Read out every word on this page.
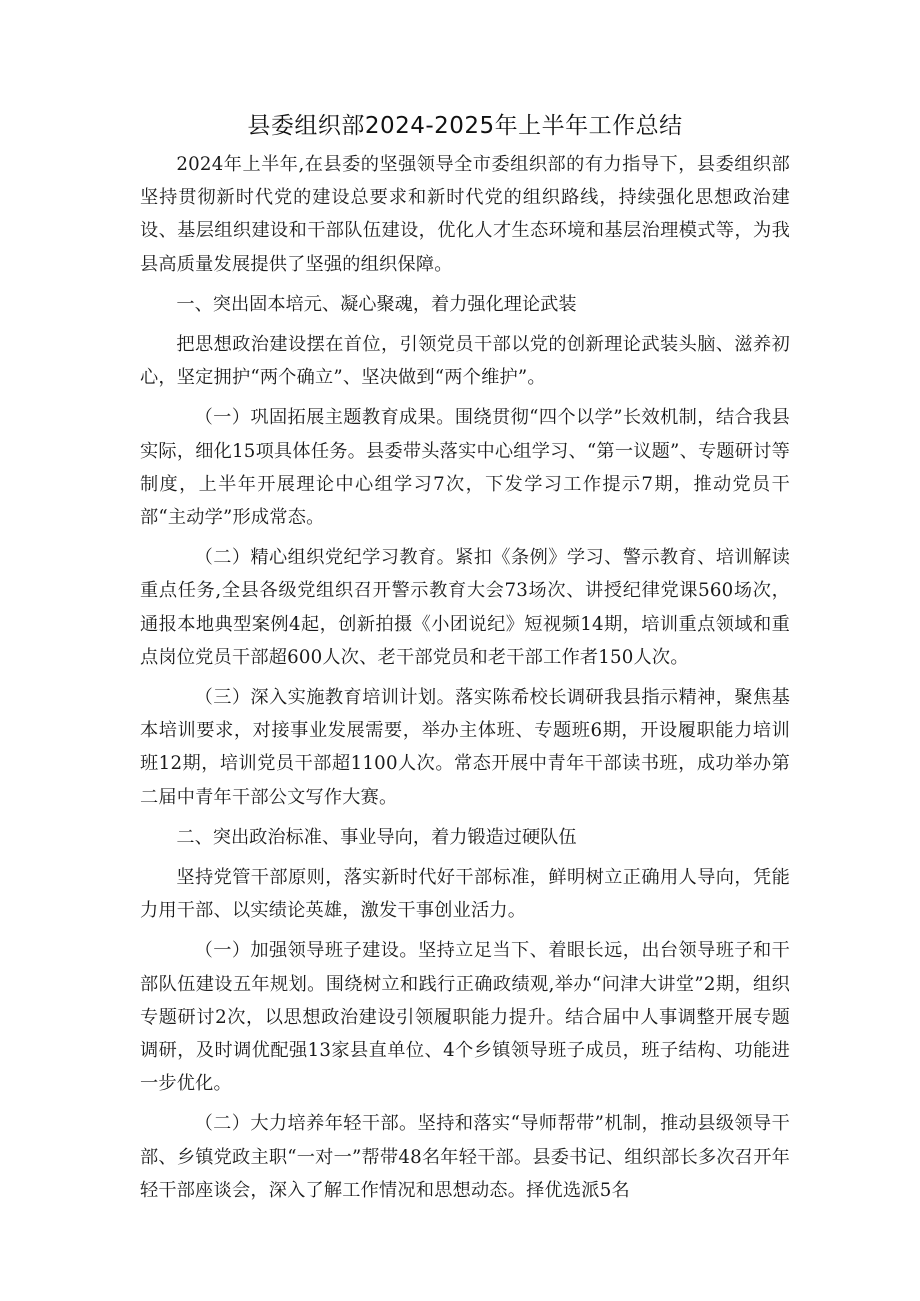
县委组织部2024-2025年上半年工作总结

2024年上半年,在县委的坚强领导全市委组织部的有力指导下，县委组织部坚持贯彻新时代党的建设总要求和新时代党的组织路线，持续强化思想政治建设、基层组织建设和干部队伍建设，优化人才生态环境和基层治理模式等，为我县高质量发展提供了坚强的组织保障。

一、突出固本培元、凝心聚魂，着力强化理论武装

把思想政治建设摆在首位，引领党员干部以党的创新理论武装头脑、滋养初心，坚定拥护“两个确立”、坚决做到“两个维护”。

（一）巩固拓展主题教育成果。围绕贯彻“四个以学”长效机制，结合我县实际，细化15项具体任务。县委带头落实中心组学习、“第一议题”、专题研讨等制度，上半年开展理论中心组学习7次，下发学习工作提示7期，推动党员干部“主动学”形成常态。

（二）精心组织党纪学习教育。紧扣《条例》学习、警示教育、培训解读重点任务,全县各级党组织召开警示教育大会73场次、讲授纪律党课560场次，通报本地典型案例4起，创新拍摄《小团说纪》短视频14期，培训重点领域和重点岗位党员干部超600人次、老干部党员和老干部工作者150人次。

（三）深入实施教育培训计划。落实陈希校长调研我县指示精神，聚焦基本培训要求，对接事业发展需要，举办主体班、专题班6期，开设履职能力培训班12期，培训党员干部超1100人次。常态开展中青年干部读书班，成功举办第二届中青年干部公文写作大赛。

二、突出政治标准、事业导向，着力锻造过硬队伍

坚持党管干部原则，落实新时代好干部标准，鲜明树立正确用人导向，凭能力用干部、以实绩论英雄，激发干事创业活力。

（一）加强领导班子建设。坚持立足当下、着眼长远，出台领导班子和干部队伍建设五年规划。围绕树立和践行正确政绩观,举办“问津大讲堂”2期，组织专题研讨2次，以思想政治建设引领履职能力提升。结合届中人事调整开展专题调研，及时调优配强13家县直单位、4个乡镇领导班子成员，班子结构、功能进一步优化。

（二）大力培养年轻干部。坚持和落实“导师帮带”机制，推动县级领导干部、乡镇党政主职“一对一”帮带48名年轻干部。县委书记、组织部长多次召开年轻干部座谈会，深入了解工作情况和思想动态。择优选派5名
